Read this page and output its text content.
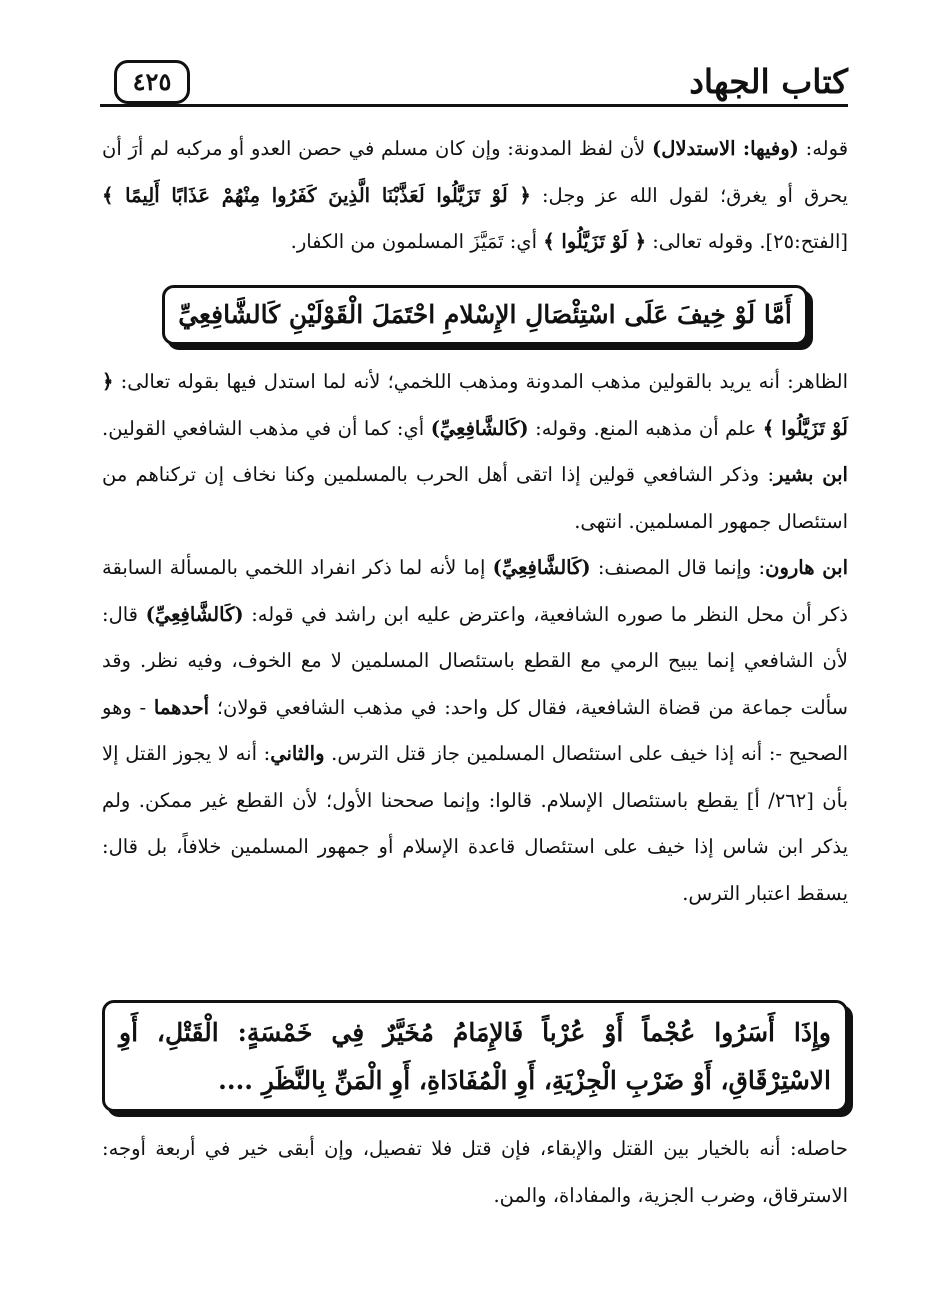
كتاب الجهاد
٤٢٥

قوله: (وفيها: الاستدلال) لأن لفظ المدونة: وإن كان مسلم في حصن العدو أو مركبه لم أرَ أن يحرق أو يغرق؛ لقول الله عز وجل: ﴿ لَوْ تَزَيَّلُوا لَعَذَّبْنَا الَّذِينَ كَفَرُوا مِنْهُمْ عَذَابًا أَلِيمًا ﴾ [الفتح:٢٥]. وقوله تعالى: ﴿ لَوْ تَزَيَّلُوا ﴾ أي: تَمَيَّزَ المسلمون من الكفار.

أَمَّا لَوْ خِيفَ عَلَى اسْتِئْصَالِ الإِسْلامِ احْتَمَلَ الْقَوْلَيْنِ كَالشَّافِعِيِّ

الظاهر: أنه يريد بالقولين مذهب المدونة ومذهب اللخمي؛ لأنه لما استدل فيها بقوله تعالى: ﴿ لَوْ تَزَيَّلُوا ﴾ علم أن مذهبه المنع. وقوله: (كَالشَّافِعِيِّ) أي: كما أن في مذهب الشافعي القولين. ابن بشير: وذكر الشافعي قولين إذا اتقى أهل الحرب بالمسلمين وكنا نخاف إن تركناهم من استئصال جمهور المسلمين. انتهى.

ابن هارون: وإنما قال المصنف: (كَالشَّافِعِيِّ) إما لأنه لما ذكر انفراد اللخمي بالمسألة السابقة ذكر أن محل النظر ما صوره الشافعية، واعترض عليه ابن راشد في قوله: (كَالشَّافِعِيِّ) قال: لأن الشافعي إنما يبيح الرمي مع القطع باستئصال المسلمين لا مع الخوف، وفيه نظر. وقد سألت جماعة من قضاة الشافعية، فقال كل واحد: في مذهب الشافعي قولان؛ أحدهما - وهو الصحيح -: أنه إذا خيف على استئصال المسلمين جاز قتل الترس. والثاني: أنه لا يجوز القتل إلا بأن [٢٦٢/ أ] يقطع باستئصال الإسلام. قالوا: وإنما صححنا الأول؛ لأن القطع غير ممكن. ولم يذكر ابن شاس إذا خيف على استئصال قاعدة الإسلام أو جمهور المسلمين خلافاً، بل قال: يسقط اعتبار الترس.

وإِذَا أَسَرُوا عُجْماً أَوْ عُرْباً فَالإِمَامُ مُخَيَّرٌ فِي خَمْسَةٍ: الْقَتْلِ، أَوِ الاسْتِرْقَاقِ، أَوْ ضَرْبِ الْجِزْيَةِ، أَوِ الْمُفَادَاةِ، أَوِ الْمَنِّ بِالنَّظَرِ ....

حاصله: أنه بالخيار بين القتل والإبقاء، فإن قتل فلا تفصيل، وإن أبقى خير في أربعة أوجه: الاسترقاق، وضرب الجزية، والمفاداة، والمن.
